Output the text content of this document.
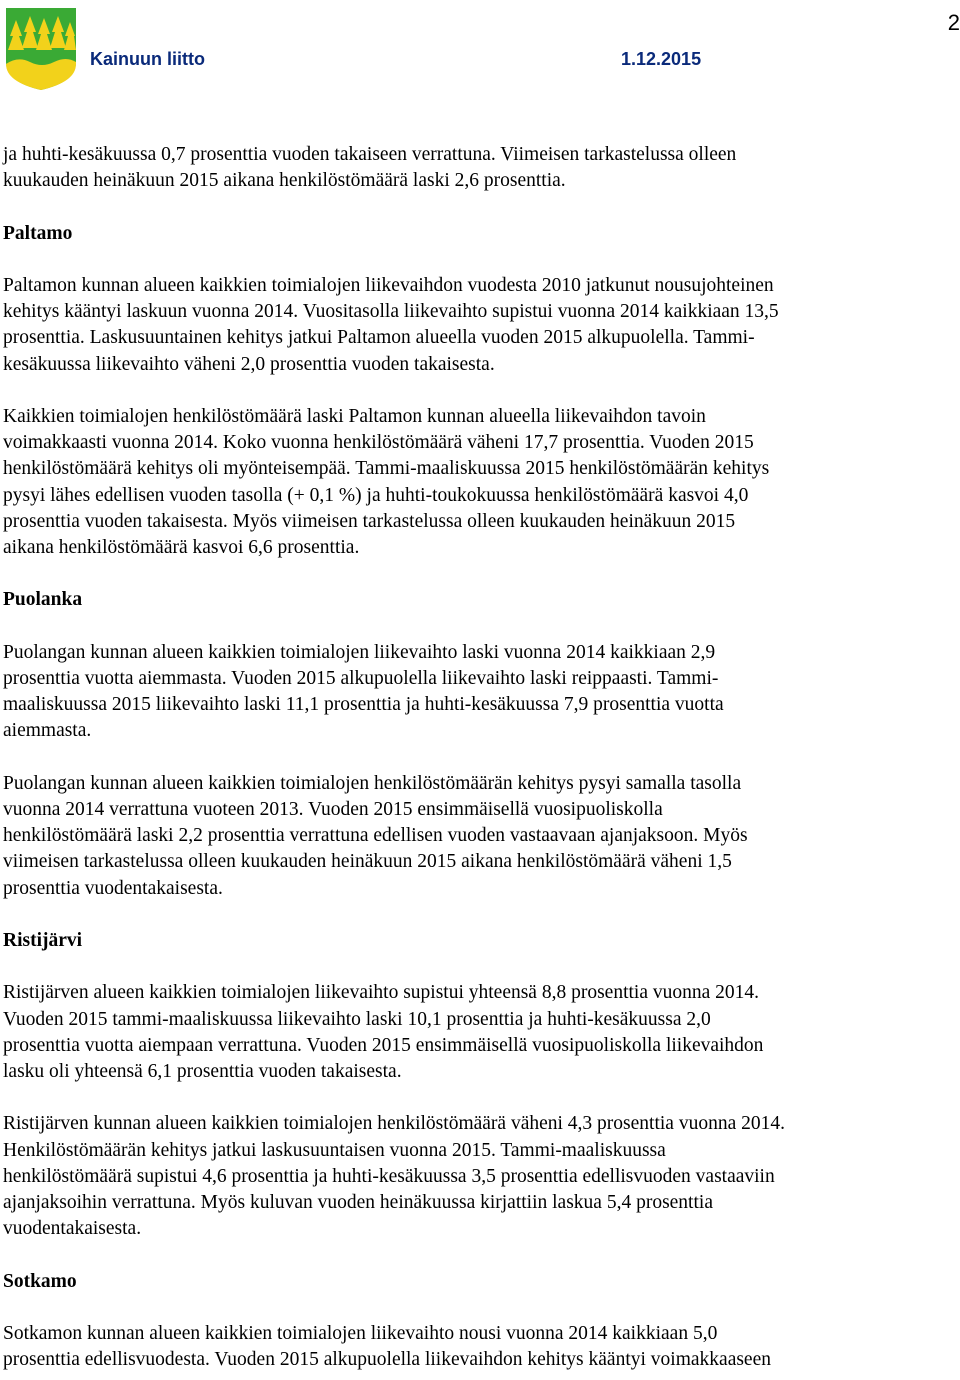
Kainuun liitto	1.12.2015
2

ja huhti-kesäkuussa 0,7 prosenttia vuoden takaiseen verrattuna. Viimeisen tarkastelussa olleen
kuukauden heinäkuun 2015 aikana henkilöstömäärä laski 2,6 prosenttia.

Paltamo

Paltamon kunnan alueen kaikkien toimialojen liikevaihdon vuodesta 2010 jatkunut nousujohteinen
kehitys kääntyi laskuun vuonna 2014. Vuositasolla liikevaihto supistui vuonna 2014 kaikkiaan 13,5
prosenttia. Laskusuuntainen kehitys jatkui Paltamon alueella vuoden 2015 alkupuolella. Tammi-
kesäkuussa liikevaihto väheni 2,0 prosenttia vuoden takaisesta.

Kaikkien toimialojen henkilöstömäärä laski Paltamon kunnan alueella liikevaihdon tavoin
voimakkaasti vuonna 2014. Koko vuonna henkilöstömäärä väheni 17,7 prosenttia. Vuoden 2015
henkilöstömäärä kehitys oli myönteisempää. Tammi-maaliskuussa 2015 henkilöstömäärän kehitys
pysyi lähes edellisen vuoden tasolla (+ 0,1 %) ja huhti-toukokuussa henkilöstömäärä kasvoi 4,0
prosenttia vuoden takaisesta. Myös viimeisen tarkastelussa olleen kuukauden heinäkuun 2015
aikana henkilöstömäärä kasvoi 6,6 prosenttia.

Puolanka

Puolangan kunnan alueen kaikkien toimialojen liikevaihto laski vuonna 2014 kaikkiaan 2,9
prosenttia vuotta aiemmasta. Vuoden 2015 alkupuolella liikevaihto laski reippaasti. Tammi-
maaliskuussa 2015 liikevaihto laski 11,1 prosenttia ja huhti-kesäkuussa 7,9 prosenttia vuotta
aiemmasta.

Puolangan kunnan alueen kaikkien toimialojen henkilöstömäärän kehitys pysyi samalla tasolla
vuonna 2014 verrattuna vuoteen 2013. Vuoden 2015 ensimmäisellä vuosipuoliskolla
henkilöstömäärä laski 2,2 prosenttia verrattuna edellisen vuoden vastaavaan ajanjaksoon. Myös
viimeisen tarkastelussa olleen kuukauden heinäkuun 2015 aikana henkilöstömäärä väheni 1,5
prosenttia vuodentakaisesta.

Ristijärvi

Ristijärven alueen kaikkien toimialojen liikevaihto supistui yhteensä 8,8 prosenttia vuonna 2014.
Vuoden 2015 tammi-maaliskuussa liikevaihto laski 10,1 prosenttia ja huhti-kesäkuussa 2,0
prosenttia vuotta aiempaan verrattuna. Vuoden 2015 ensimmäisellä vuosipuoliskolla liikevaihdon
lasku oli yhteensä 6,1 prosenttia vuoden takaisesta.

Ristijärven kunnan alueen kaikkien toimialojen henkilöstömäärä väheni 4,3 prosenttia vuonna 2014.
Henkilöstömäärän kehitys jatkui laskusuuntaisen vuonna 2015. Tammi-maaliskuussa
henkilöstömäärä supistui 4,6 prosenttia ja huhti-kesäkuussa 3,5 prosenttia edellisvuoden vastaaviin
ajanjaksoihin verrattuna. Myös kuluvan vuoden heinäkuussa kirjattiin laskua 5,4 prosenttia
vuodentakaisesta.

Sotkamo

Sotkamon kunnan alueen kaikkien toimialojen liikevaihto nousi vuonna 2014 kaikkiaan 5,0
prosenttia edellisvuodesta. Vuoden 2015 alkupuolella liikevaihdon kehitys kääntyi voimakkaaseen
